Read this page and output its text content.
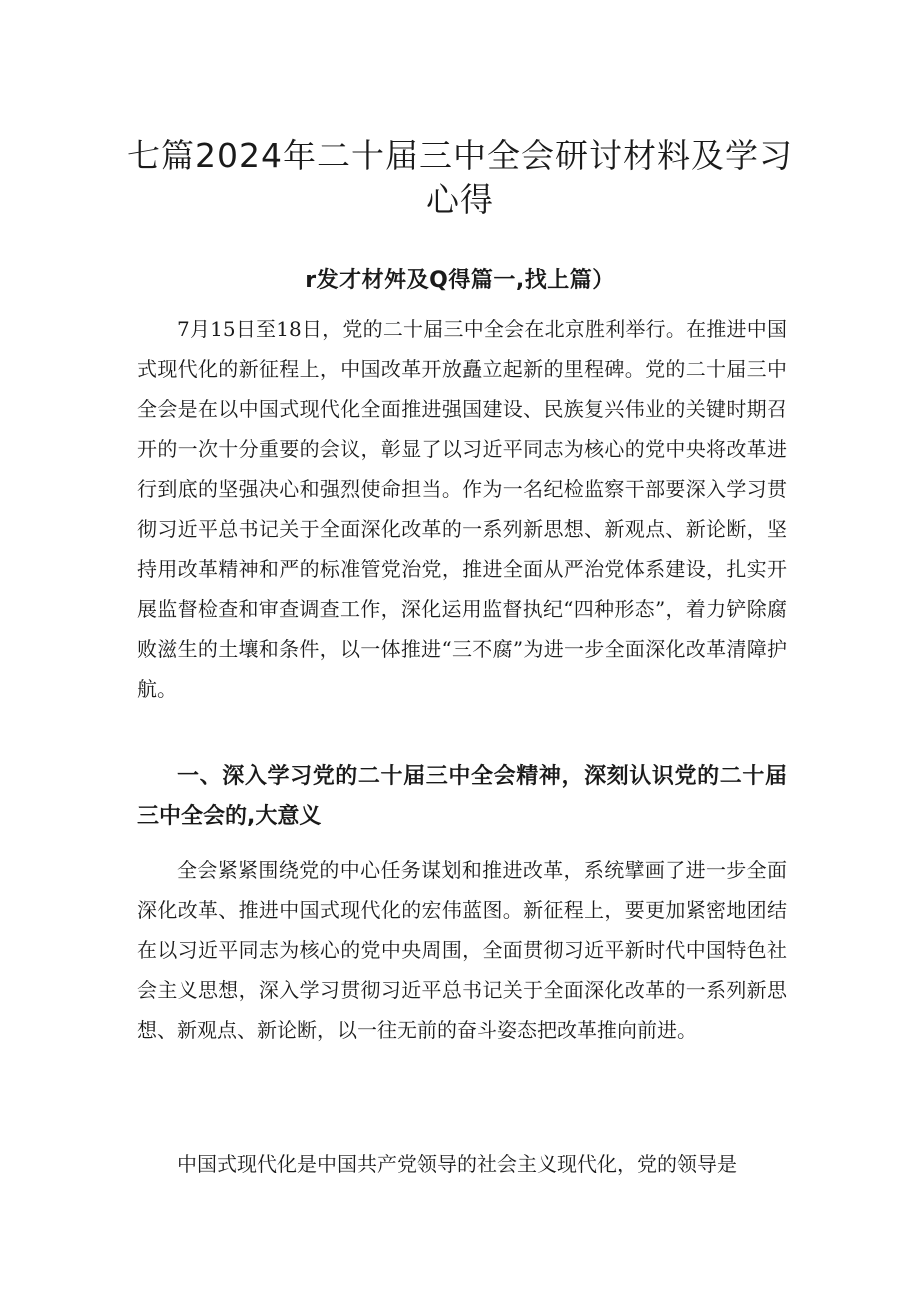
七篇2024年二十届三中全会研讨材料及学习心得
r发才材舛及Q得篇一,找上篇）

7月15日至18日，党的二十届三中全会在北京胜利举行。在推进中国式现代化的新征程上，中国改革开放矗立起新的里程碑。党的二十届三中全会是在以中国式现代化全面推进强国建设、民族复兴伟业的关键时期召开的一次十分重要的会议，彰显了以习近平同志为核心的党中央将改革进行到底的坚强决心和强烈使命担当。作为一名纪检监察干部要深入学习贯彻习近平总书记关于全面深化改革的一系列新思想、新观点、新论断，坚持用改革精神和严的标准管党治党，推进全面从严治党体系建设，扎实开展监督检查和审查调查工作，深化运用监督执纪“四种形态”，着力铲除腐败滋生的土壤和条件，以一体推进“三不腐”为进一步全面深化改革清障护航。

一、深入学习党的二十届三中全会精神，深刻认识党的二十届三中全会的,大意义

全会紧紧围绕党的中心任务谋划和推进改革，系统擘画了进一步全面深化改革、推进中国式现代化的宏伟蓝图。新征程上，要更加紧密地团结在以习近平同志为核心的党中央周围，全面贯彻习近平新时代中国特色社会主义思想，深入学习贯彻习近平总书记关于全面深化改革的一系列新思想、新观点、新论断，以一往无前的奋斗姿态把改革推向前进。

中国式现代化是中国共产党领导的社会主义现代化，党的领导是
